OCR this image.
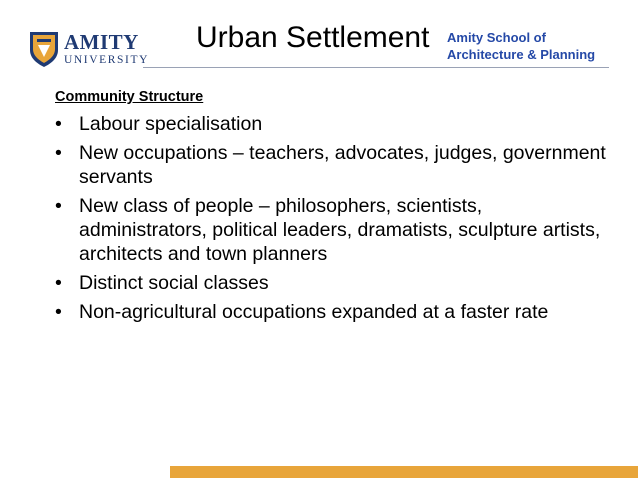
AMITY
UNIVERSITY
Urban Settlement Amity School of
Architecture & Planning
Community Structure
• Labour specialisation
• New occupations – teachers, advocates, judges, government servants
• New class of people – philosophers, scientists, administrators, political leaders, dramatists, sculpture artists, architects and town planners
• Distinct social classes
• Non-agricultural occupations expanded at a faster rate
